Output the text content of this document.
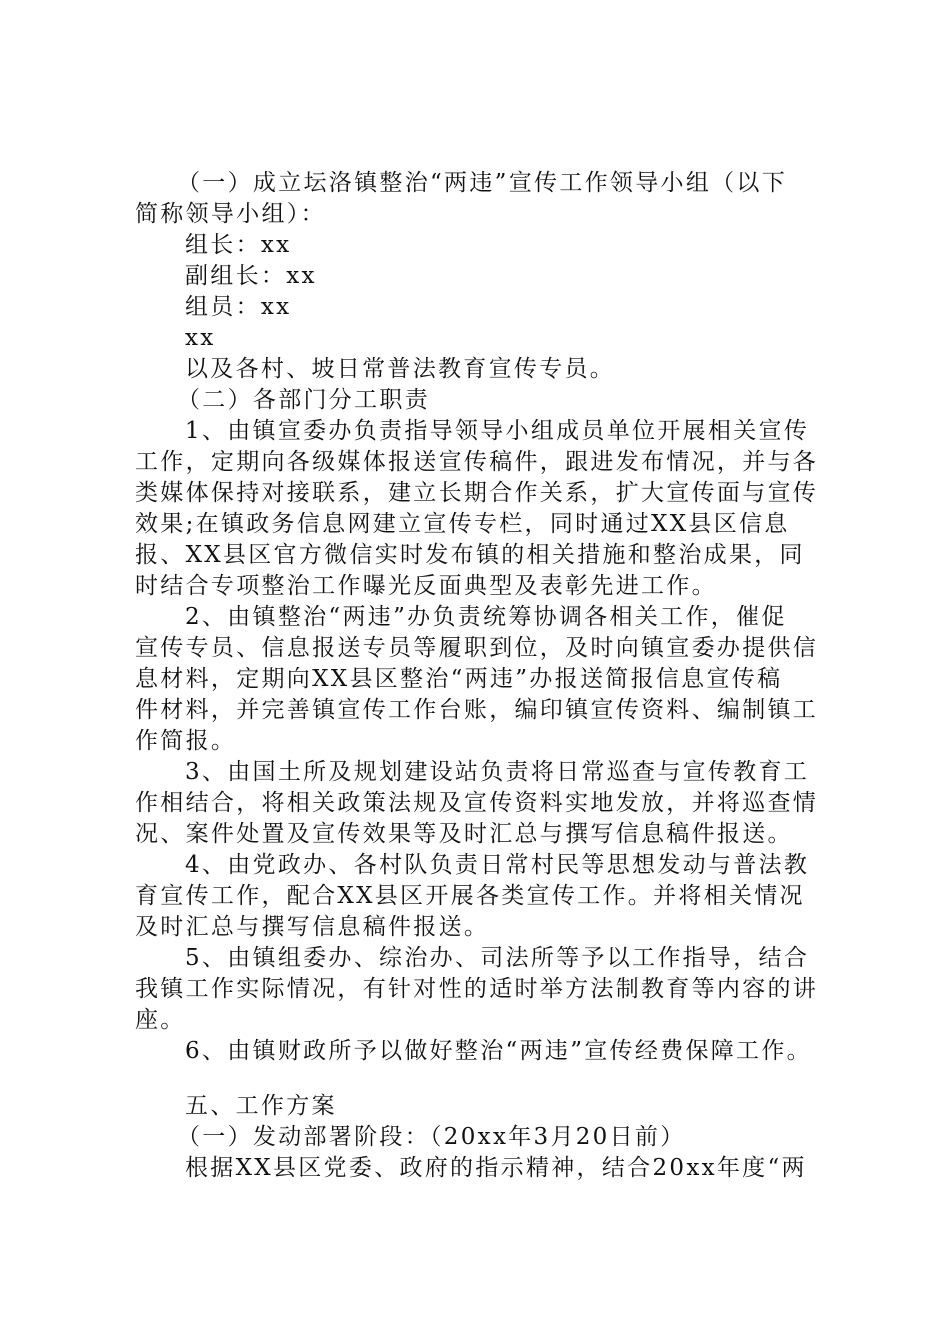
（一）成立坛洛镇整治“两违”宣传工作领导小组（以下
简称领导小组）：
组长：xx
副组长：xx
组员：xx
xx
以及各村、坡日常普法教育宣传专员。
（二）各部门分工职责
1、由镇宣委办负责指导领导小组成员单位开展相关宣传
工作，定期向各级媒体报送宣传稿件，跟进发布情况，并与各
类媒体保持对接联系，建立长期合作关系，扩大宣传面与宣传
效果;在镇政务信息网建立宣传专栏，同时通过XX县区信息
报、XX县区官方微信实时发布镇的相关措施和整治成果，同
时结合专项整治工作曝光反面典型及表彰先进工作。
2、由镇整治“两违”办负责统筹协调各相关工作，催促
宣传专员、信息报送专员等履职到位，及时向镇宣委办提供信
息材料，定期向XX县区整治“两违”办报送简报信息宣传稿
件材料，并完善镇宣传工作台账，编印镇宣传资料、编制镇工
作简报。
3、由国土所及规划建设站负责将日常巡查与宣传教育工
作相结合，将相关政策法规及宣传资料实地发放，并将巡查情
况、案件处置及宣传效果等及时汇总与撰写信息稿件报送。
4、由党政办、各村队负责日常村民等思想发动与普法教
育宣传工作，配合XX县区开展各类宣传工作。并将相关情况
及时汇总与撰写信息稿件报送。
5、由镇组委办、综治办、司法所等予以工作指导，结合
我镇工作实际情况，有针对性的适时举方法制教育等内容的讲
座。
6、由镇财政所予以做好整治“两违”宣传经费保障工作。
五、工作方案
（一）发动部署阶段：（20xx年3月20日前）
根据XX县区党委、政府的指示精神，结合20xx年度“两
